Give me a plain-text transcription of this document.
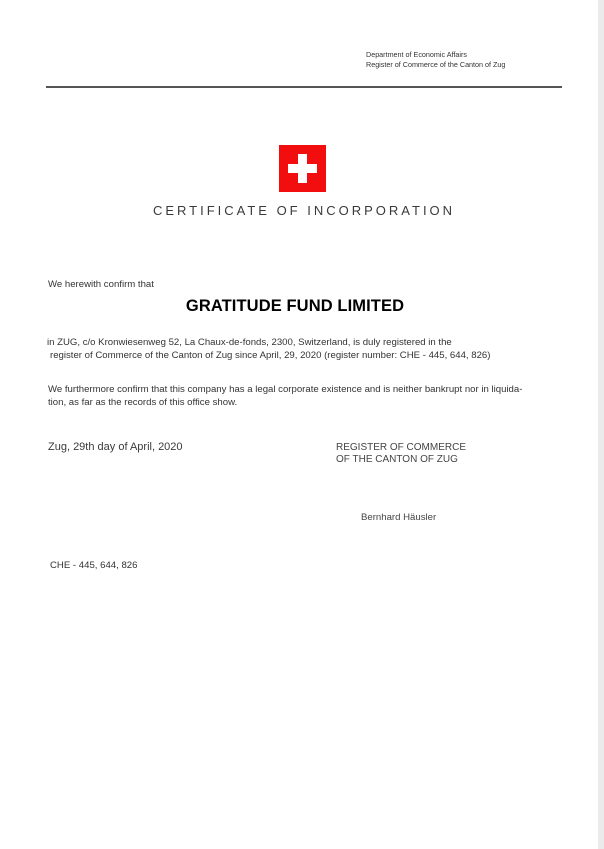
Department of Economic Affairs
Register of Commerce of the Canton of Zug
CERTIFICATE OF INCORPORATION
We herewith confirm that
GRATITUDE FUND LIMITED
in ZUG, c/o Kronwiesenweg 52, La Chaux-de-fonds, 2300, Switzerland, is duly registered in the
register of Commerce of the Canton of Zug since April, 29, 2020 (register number: CHE - 445, 644, 826)
We furthermore confirm that this company has a legal corporate existence and is neither bankrupt nor in liquida-
tion, as far as the records of this office show.
Zug, 29th day of April, 2020	REGISTER OF COMMERCE
OF THE CANTON OF ZUG
Bernhard Häusler
CHE - 445, 644, 826
